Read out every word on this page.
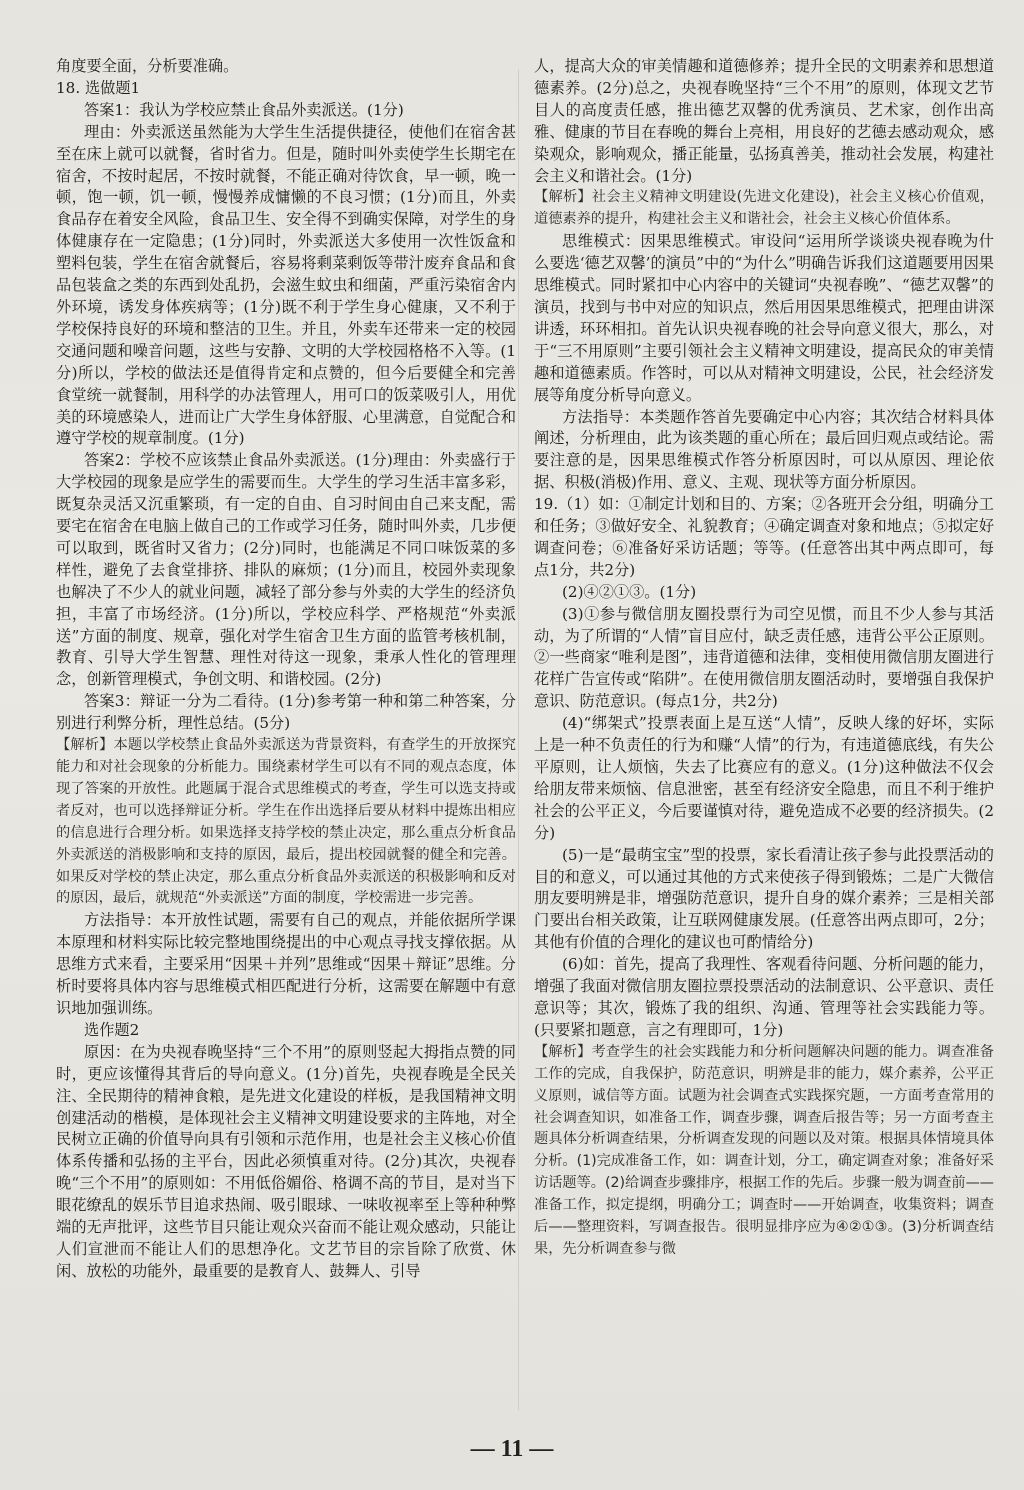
角度要全面，分析要准确。

18. 选做题1

答案1：我认为学校应禁止食品外卖派送。(1分)

理由：外卖派送虽然能为大学生生活提供捷径，使他们在宿舍甚至在床上就可以就餐，省时省力。但是，随时叫外卖使学生长期宅在宿舍，不按时起居，不按时就餐，不能正确对待饮食，早一顿，晚一顿，饱一顿，饥一顿，慢慢养成慵懒的不良习惯；(1分)而且，外卖食品存在着安全风险，食品卫生、安全得不到确实保障，对学生的身体健康存在一定隐患；(1分)同时，外卖派送大多使用一次性饭盒和塑料包装，学生在宿舍就餐后，容易将剩菜剩饭等带汁废弃食品和食品包装盒之类的东西到处乱扔，会滋生蚊虫和细菌，严重污染宿舍内外环境，诱发身体疾病等；(1分)既不利于学生身心健康，又不利于学校保持良好的环境和整洁的卫生。并且，外卖车还带来一定的校园交通问题和噪音问题，这些与安静、文明的大学校园格格不入等。(1分)所以，学校的做法还是值得肯定和点赞的，但今后要健全和完善食堂统一就餐制，用科学的办法管理人，用可口的饭菜吸引人，用优美的环境感染人，进而让广大学生身体舒服、心里满意，自觉配合和遵守学校的规章制度。(1分)

答案2：学校不应该禁止食品外卖派送。(1分)理由：外卖盛行于大学校园的现象是应学生的需要而生。大学生的学习生活丰富多彩，既复杂灵活又沉重繁琐，有一定的自由、自习时间由自己来支配，需要宅在宿舍在电脑上做自己的工作或学习任务，随时叫外卖，几步便可以取到，既省时又省力；(2分)同时，也能满足不同口味饭菜的多样性，避免了去食堂排挤、排队的麻烦；(1分)而且，校园外卖现象也解决了不少人的就业问题，减轻了部分参与外卖的大学生的经济负担，丰富了市场经济。(1分)所以，学校应科学、严格规范“外卖派送”方面的制度、规章，强化对学生宿舍卫生方面的监管考核机制，教育、引导大学生智慧、理性对待这一现象，秉承人性化的管理理念，创新管理模式，争创文明、和谐校园。(2分)

答案3：辩证一分为二看待。(1分)参考第一种和第二种答案，分别进行利弊分析，理性总结。(5分)

【解析】本题以学校禁止食品外卖派送为背景资料，有查学生的开放探究能力和对社会现象的分析能力。围绕素材学生可以有不同的观点态度，体现了答案的开放性。此题属于混合式思维模式的考查，学生可以选支持或者反对，也可以选择辩证分析。学生在作出选择后要从材料中提炼出相应的信息进行合理分析。如果选择支持学校的禁止决定，那么重点分析食品外卖派送的消极影响和支持的原因，最后，提出校园就餐的健全和完善。如果反对学校的禁止决定，那么重点分析食品外卖派送的积极影响和反对的原因，最后，就规范“外卖派送”方面的制度，学校需进一步完善。

方法指导：本开放性试题，需要有自己的观点，并能依据所学课本原理和材料实际比较完整地围绕提出的中心观点寻找支撑依据。从思维方式来看，主要采用“因果＋并列”思维或“因果＋辩证”思维。分析时要将具体内容与思维模式相匹配进行分析，这需要在解题中有意识地加强训练。

选作题2

原因：在为央视春晚坚持“三个不用”的原则竖起大拇指点赞的同时，更应该懂得其背后的导向意义。(1分)首先，央视春晚是全民关注、全民期待的精神食粮，是先进文化建设的样板，是我国精神文明创建活动的楷模，是体现社会主义精神文明建设要求的主阵地，对全民树立正确的价值导向具有引领和示范作用，也是社会主义核心价值体系传播和弘扬的主平台，因此必须慎重对待。(2分)其次，央视春晚“三个不用”的原则如：不用低俗媚俗、格调不高的节目，是对当下眼花缭乱的娱乐节目追求热闹、吸引眼球、一味收视率至上等种种弊端的无声批评，这些节目只能让观众兴奋而不能让观众感动，只能让人们宣泄而不能让人们的思想净化。文艺节目的宗旨除了欣赏、休闲、放松的功能外，最重要的是教育人、鼓舞人、引导

人，提高大众的审美情趣和道德修养；提升全民的文明素养和思想道德素养。(2分)总之，央视春晚坚持“三个不用”的原则，体现文艺节目人的高度责任感，推出德艺双馨的优秀演员、艺术家，创作出高雅、健康的节目在春晚的舞台上亮相，用良好的艺德去感动观众，感染观众，影响观众，播正能量，弘扬真善美，推动社会发展，构建社会主义和谐社会。(1分)

【解析】社会主义精神文明建设(先进文化建设)，社会主义核心价值观，道德素养的提升，构建社会主义和谐社会，社会主义核心价值体系。

思维模式：因果思维模式。审设问“运用所学谈谈央视春晚为什么要选‘德艺双馨’的演员”中的“为什么”明确告诉我们这道题要用因果思维模式。同时紧扣中心内容中的关键词“央视春晚”、“德艺双馨”的演员，找到与书中对应的知识点，然后用因果思维模式，把理由讲深讲透，环环相扣。首先认识央视春晚的社会导向意义很大，那么，对于“三不用原则”主要引领社会主义精神文明建设，提高民众的审美情趣和道德素质。作答时，可以从对精神文明建设，公民，社会经济发展等角度分析导向意义。

方法指导：本类题作答首先要确定中心内容；其次结合材料具体阐述，分析理由，此为该类题的重心所在；最后回归观点或结论。需要注意的是，因果思维模式作答分析原因时，可以从原因、理论依据、积极(消极)作用、意义、主观、现状等方面分析原因。

19.（1）如：①制定计划和目的、方案；②各班开会分组，明确分工和任务；③做好安全、礼貌教育；④确定调查对象和地点；⑤拟定好调查问卷；⑥准备好采访话题；等等。(任意答出其中两点即可，每点1分，共2分)

(2)④②①③。(1分)

(3)①参与微信朋友圈投票行为司空见惯，而且不少人参与其活动，为了所谓的“人情”盲目应付，缺乏责任感，违背公平公正原则。②一些商家“唯利是图”，违背道德和法律，变相使用微信朋友圈进行花样广告宣传或“陷阱”。在使用微信朋友圈活动时，要增强自我保护意识、防范意识。(每点1分，共2分)

(4)“绑架式”投票表面上是互送“人情”，反映人缘的好坏，实际上是一种不负责任的行为和赚“人情”的行为，有违道德底线，有失公平原则，让人烦恼，失去了比赛应有的意义。(1分)这种做法不仅会给朋友带来烦恼、信息泄密，甚至有经济安全隐患，而且不利于维护社会的公平正义，今后要谨慎对待，避免造成不必要的经济损失。(2分)

(5)一是“最萌宝宝”型的投票，家长看清让孩子参与此投票活动的目的和意义，可以通过其他的方式来使孩子得到锻炼；二是广大微信朋友要明辨是非，增强防范意识，提升自身的媒介素养；三是相关部门要出台相关政策，让互联网健康发展。(任意答出两点即可，2分；其他有价值的合理化的建议也可酌情给分)

(6)如：首先，提高了我理性、客观看待问题、分析问题的能力，增强了我面对微信朋友圈拉票投票活动的法制意识、公平意识、责任意识等；其次，锻炼了我的组织、沟通、管理等社会实践能力等。(只要紧扣题意，言之有理即可，1分)

【解析】考查学生的社会实践能力和分析问题解决问题的能力。调查准备工作的完成，自我保护，防范意识，明辨是非的能力，媒介素养，公平正义原则，诚信等方面。试题为社会调查式实践探究题，一方面考查常用的社会调查知识，如准备工作，调查步骤，调查后报告等；另一方面考查主题具体分析调查结果，分析调查发现的问题以及对策。根据具体情境具体分析。(1)完成准备工作，如：调查计划，分工，确定调查对象；准备好采访话题等。(2)给调查步骤排序，根据工作的先后。步骤一般为调查前——准备工作，拟定提纲，明确分工；调查时——开始调查，收集资料；调查后——整理资料，写调查报告。很明显排序应为④②①③。(3)分析调查结果，先分析调查参与微

— 11 —
